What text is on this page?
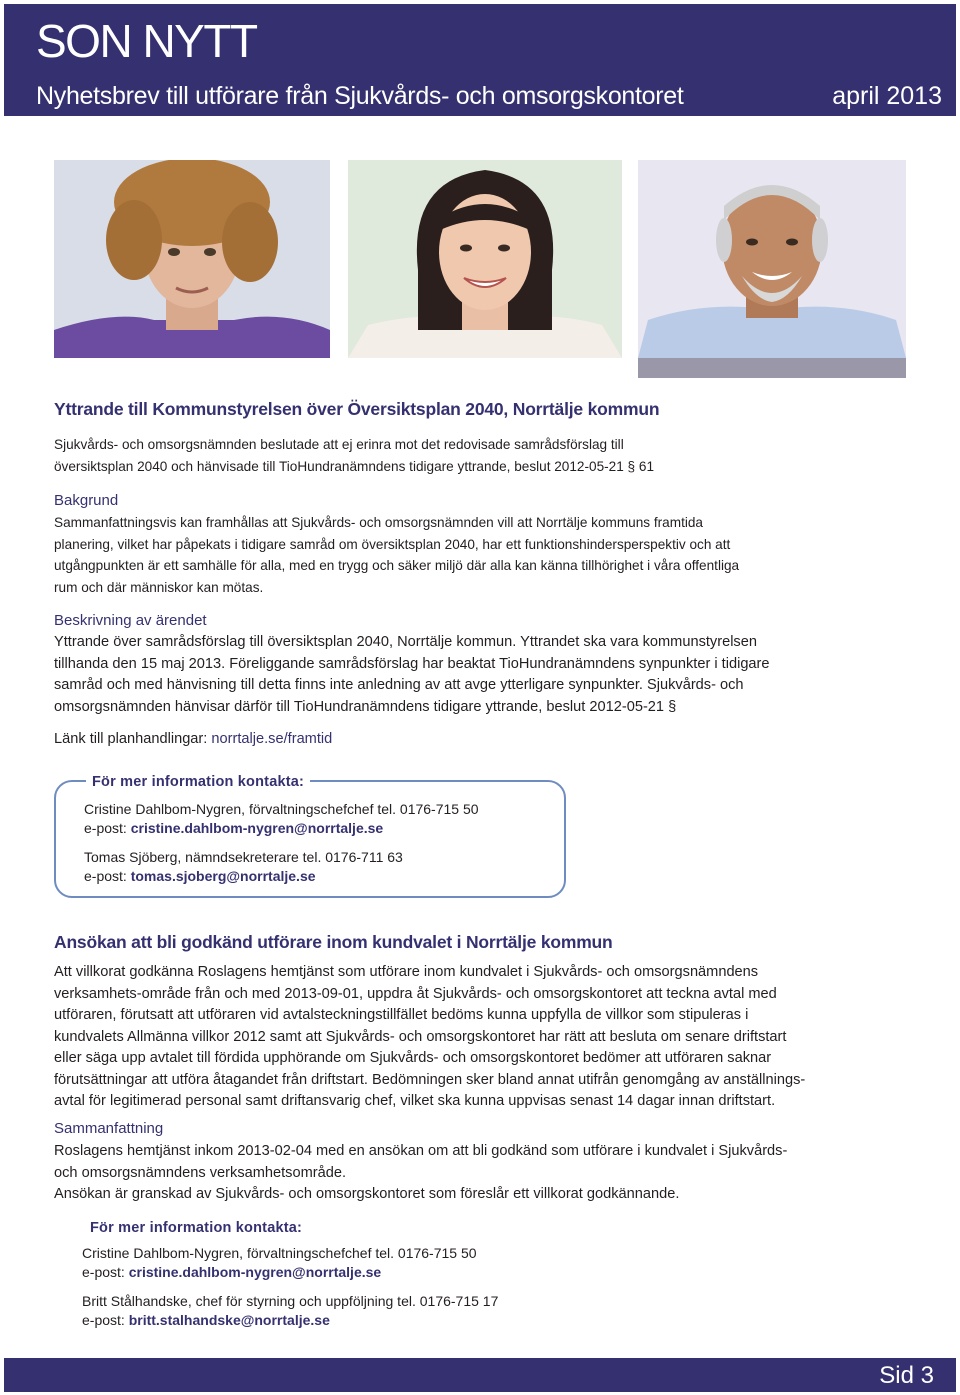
SON NYTT
Nyhetsbrev till utförare från Sjukvårds- och omsorgskontoret	april 2013
Yttrande till Kommunstyrelsen över Översiktsplan 2040, Norrtälje kommun
Sjukvårds- och omsorgsnämnden beslutade att ej erinra mot det redovisade samrådsförslag till
översiktsplan 2040 och hänvisade till TioHundranämndens tidigare yttrande, beslut 2012-05-21 § 61
Bakgrund
Sammanfattningsvis kan framhållas att Sjukvårds- och omsorgsnämnden vill att Norrtälje kommuns framtida
planering, vilket har påpekats i tidigare samråd om översiktsplan 2040, har ett funktionshindersperspektiv och att
utgångpunkten är ett samhälle för alla, med en trygg och säker miljö där alla kan känna tillhörighet i våra offentliga
rum och där människor kan mötas.
Beskrivning av ärendet
Yttrande över samrådsförslag till översiktsplan 2040, Norrtälje kommun. Yttrandet ska vara kommunstyrelsen
tillhanda den 15 maj 2013. Föreliggande samrådsförslag har beaktat TioHundranämndens synpunkter i tidigare
samråd och med hänvisning till detta finns inte anledning av att avge ytterligare synpunkter. Sjukvårds- och
omsorgsnämnden hänvisar därför till TioHundranämndens tidigare yttrande, beslut 2012-05-21 §
Länk till planhandlingar: norrtalje.se/framtid
För mer information kontakta:
Cristine Dahlbom-Nygren, förvaltningschefchef tel. 0176-715 50
e-post: cristine.dahlbom-nygren@norrtalje.se
Tomas Sjöberg, nämndsekreterare tel. 0176-711 63
e-post: tomas.sjoberg@norrtalje.se
Ansökan att bli godkänd utförare inom kundvalet i Norrtälje kommun
Att villkorat godkänna Roslagens hemtjänst som utförare inom kundvalet i Sjukvårds- och omsorgsnämndens
verksamhets-område från och med 2013-09-01, uppdra åt Sjukvårds- och omsorgskontoret att teckna avtal med
utföraren, förutsatt att utföraren vid avtalsteckningstillfället bedöms kunna uppfylla de villkor som stipuleras i
kundvalets Allmänna villkor 2012 samt att Sjukvårds- och omsorgskontoret har rätt att besluta om senare driftstart
eller säga upp avtalet till fördida upphörande om Sjukvårds- och omsorgskontoret bedömer att utföraren saknar
förutsättningar att utföra åtagandet från driftstart. Bedömningen sker bland annat utifrån genomgång av anställnings-
avtal för legitimerad personal samt driftansvarig chef, vilket ska kunna uppvisas senast 14 dagar innan driftstart.
Sammanfattning
Roslagens hemtjänst inkom 2013-02-04 med en ansökan om att bli godkänd som utförare i kundvalet i Sjukvårds-
och omsorgsnämndens verksamhetsområde.
Ansökan är granskad av Sjukvårds- och omsorgskontoret som föreslår ett villkorat godkännande.
För mer information kontakta:
Cristine Dahlbom-Nygren, förvaltningschefchef tel. 0176-715 50
e-post: cristine.dahlbom-nygren@norrtalje.se
Britt Stålhandske, chef för styrning och uppföljning tel. 0176-715 17
e-post: britt.stalhandske@norrtalje.se
Sid 3
